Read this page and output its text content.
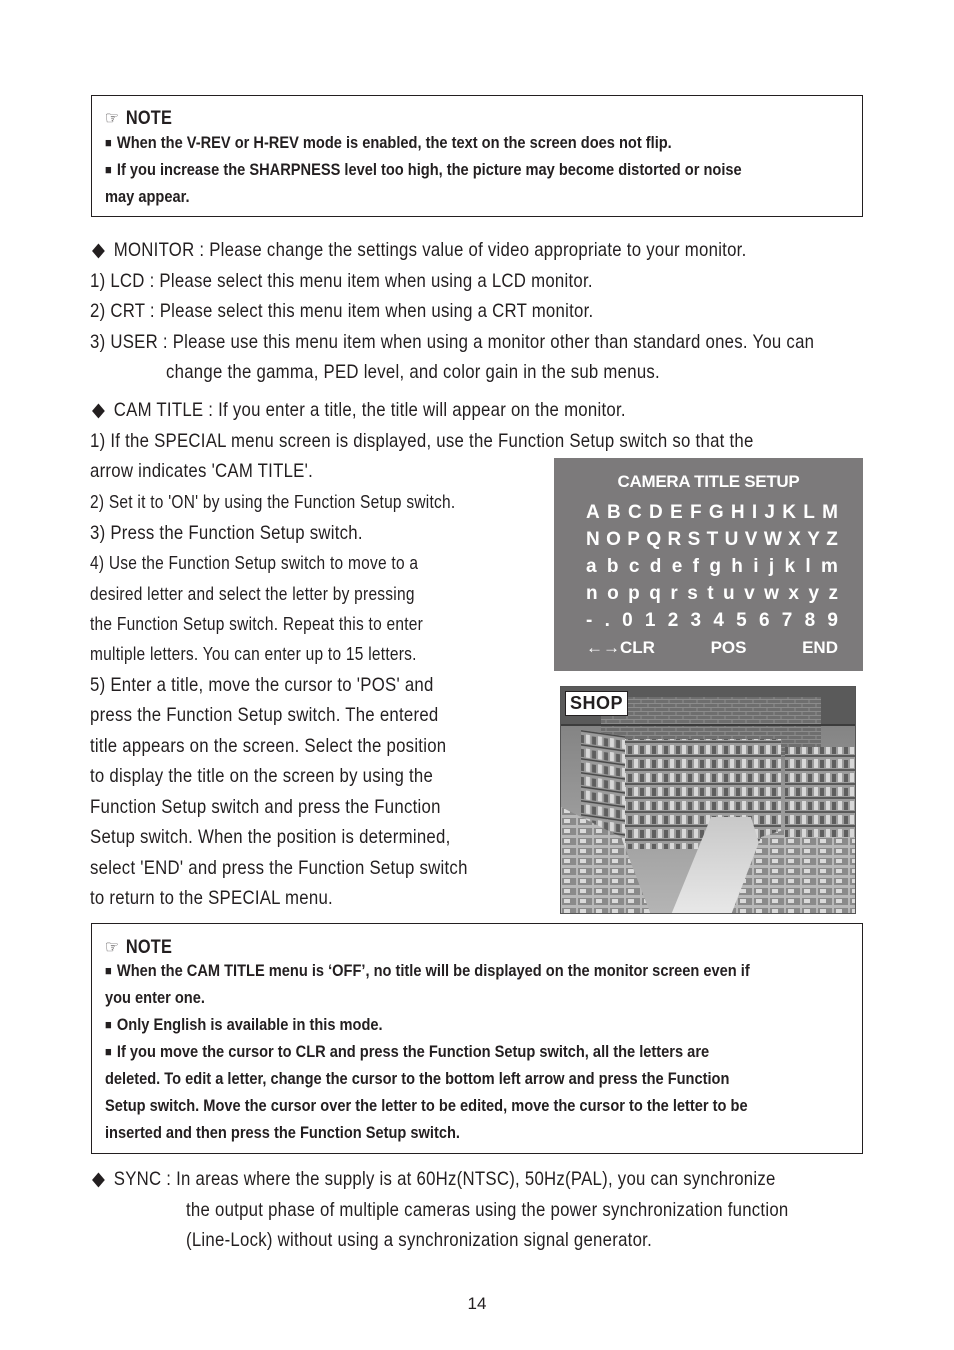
☞ NOTE
■ When the V-REV or H-REV mode is enabled, the text on the screen does not flip.
■ If you increase the SHARPNESS level too high, the picture may become distorted or noise
may appear.
◆ MONITOR : Please change the settings value of video appropriate to your monitor.
1) LCD : Please select this menu item when using a LCD monitor.
2) CRT : Please select this menu item when using a CRT monitor.
3) USER : Please use this menu item when using a monitor other than standard ones. You can
change the gamma, PED level, and color gain in the sub menus.
◆ CAM TITLE : If you enter a title, the title will appear on the monitor.
1) If the SPECIAL menu screen is displayed, use the Function Setup switch so that the
arrow indicates 'CAM TITLE'.
2) Set it to 'ON' by using the Function Setup switch.
3) Press the Function Setup switch.
4) Use the Function Setup switch to move to a
desired letter and select the letter by pressing
the Function Setup switch. Repeat this to enter
multiple letters. You can enter up to 15 letters.
5) Enter a title, move the cursor to 'POS' and
press the Function Setup switch. The entered
title appears on the screen. Select the position
to display the title on the screen by using the
Function Setup switch and press the Function
Setup switch. When the position is determined,
select 'END' and press the Function Setup switch
to return to the SPECIAL menu.
CAMERA TITLE SETUP
A B C D E F G H I J K L M
N O P Q R S T U V W X Y Z
a b c d e f g h i j k l m
n o p q r s t u v w x y z
- . 0 1 2 3 4 5 6 7 8 9
←→CLR	POS	END
SHOP
☞ NOTE
■ When the CAM TITLE menu is ‘OFF’, no title will be displayed on the monitor screen even if
you enter one.
■ Only English is available in this mode.
■ If you move the cursor to CLR and press the Function Setup switch, all the letters are
deleted. To edit a letter, change the cursor to the bottom left arrow and press the Function
Setup switch. Move the cursor over the letter to be edited, move the cursor to the letter to be
inserted and then press the Function Setup switch.
◆ SYNC : In areas where the supply is at 60Hz(NTSC), 50Hz(PAL), you can synchronize
the output phase of multiple cameras using the power synchronization function
(Line-Lock) without using a synchronization signal generator.
14
